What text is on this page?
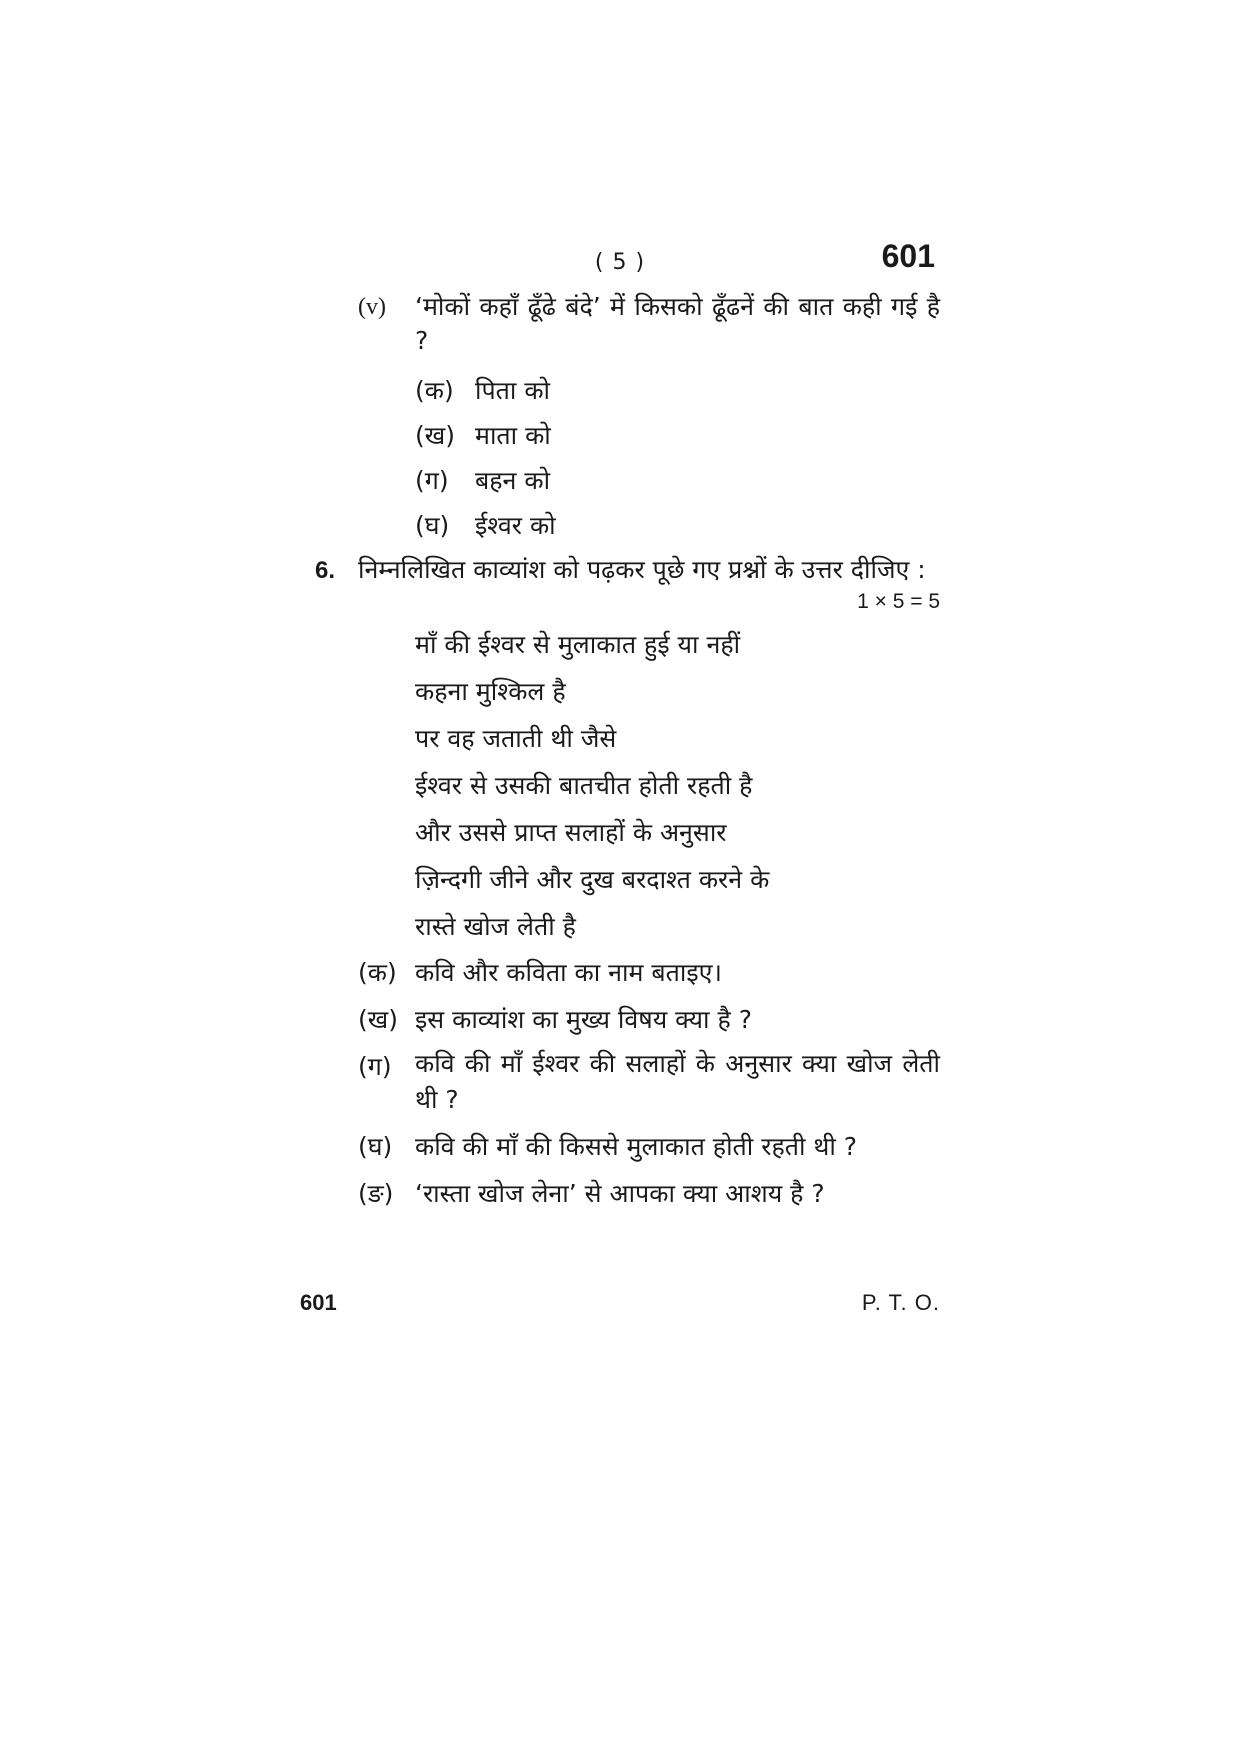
( 5 )	601
(v) ‘मोकों कहाँ ढूँढे बंदे’ में किसको ढूँढनें की बात कही गई है ?
(क) पिता को
(ख) माता को
(ग) बहन को
(घ) ईश्वर को
6. निम्नलिखित काव्यांश को पढ़कर पूछे गए प्रश्नों के उत्तर दीजिए :
1 × 5 = 5
माँ की ईश्वर से मुलाकात हुई या नहीं
कहना मुश्किल है
पर वह जताती थी जैसे
ईश्वर से उसकी बातचीत होती रहती है
और उससे प्राप्त सलाहों के अनुसार
ज़िन्दगी जीने और दुख बरदाश्त करने के
रास्ते खोज लेती है
(क) कवि और कविता का नाम बताइए।
(ख) इस काव्यांश का मुख्य विषय क्या है ?
(ग) कवि की माँ ईश्वर की सलाहों के अनुसार क्या खोज लेती थी ?
(घ) कवि की माँ की किससे मुलाकात होती रहती थी ?
(ङ) ‘रास्ता खोज लेना’ से आपका क्या आशय है ?
601	P. T. O.
